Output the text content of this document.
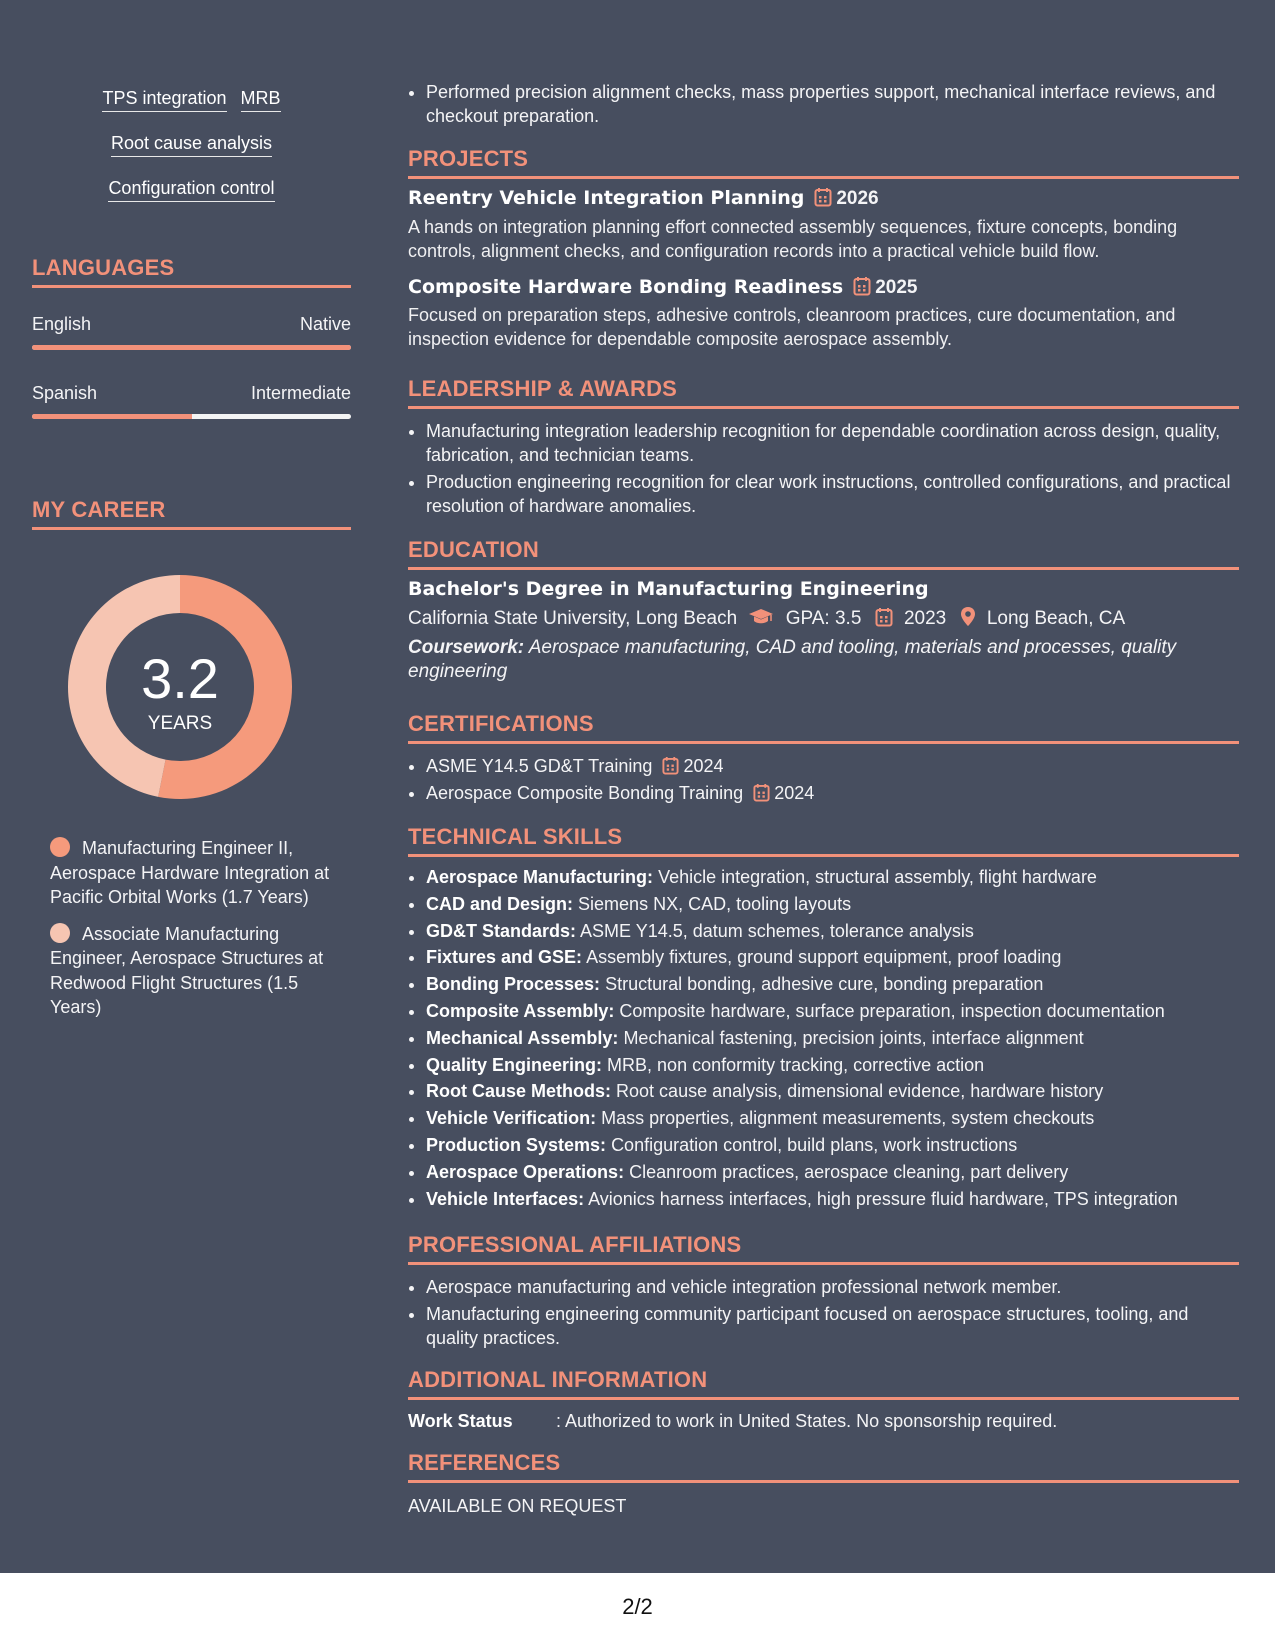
TPS integration MRB
Root cause analysis
Configuration control
LANGUAGES
English	Native
Spanish	Intermediate
MY CAREER
3.2
YEARS
Manufacturing Engineer II, Aerospace Hardware Integration at Pacific Orbital Works (1.7 Years)
Associate Manufacturing Engineer, Aerospace Structures at Redwood Flight Structures (1.5 Years)
• Performed precision alignment checks, mass properties support, mechanical interface reviews, and checkout preparation.
PROJECTS
Reentry Vehicle Integration Planning 2026
A hands on integration planning effort connected assembly sequences, fixture concepts, bonding controls, alignment checks, and configuration records into a practical vehicle build flow.
Composite Hardware Bonding Readiness 2025
Focused on preparation steps, adhesive controls, cleanroom practices, cure documentation, and inspection evidence for dependable composite aerospace assembly.
LEADERSHIP & AWARDS
• Manufacturing integration leadership recognition for dependable coordination across design, quality, fabrication, and technician teams.
• Production engineering recognition for clear work instructions, controlled configurations, and practical resolution of hardware anomalies.
EDUCATION
Bachelor's Degree in Manufacturing Engineering
California State University, Long Beach	GPA: 3.5 2023 Long Beach, CA
Coursework: Aerospace manufacturing, CAD and tooling, materials and processes, quality engineering
CERTIFICATIONS
• ASME Y14.5 GD&T Training 2024
• Aerospace Composite Bonding Training 2024
TECHNICAL SKILLS
• Aerospace Manufacturing: Vehicle integration, structural assembly, flight hardware
• CAD and Design: Siemens NX, CAD, tooling layouts
• GD&T Standards: ASME Y14.5, datum schemes, tolerance analysis
• Fixtures and GSE: Assembly fixtures, ground support equipment, proof loading
• Bonding Processes: Structural bonding, adhesive cure, bonding preparation
• Composite Assembly: Composite hardware, surface preparation, inspection documentation
• Mechanical Assembly: Mechanical fastening, precision joints, interface alignment
• Quality Engineering: MRB, non conformity tracking, corrective action
• Root Cause Methods: Root cause analysis, dimensional evidence, hardware history
• Vehicle Verification: Mass properties, alignment measurements, system checkouts
• Production Systems: Configuration control, build plans, work instructions
• Aerospace Operations: Cleanroom practices, aerospace cleaning, part delivery
• Vehicle Interfaces: Avionics harness interfaces, high pressure fluid hardware, TPS integration
PROFESSIONAL AFFILIATIONS
• Aerospace manufacturing and vehicle integration professional network member.
• Manufacturing engineering community participant focused on aerospace structures, tooling, and quality practices.
ADDITIONAL INFORMATION
Work Status	: Authorized to work in United States. No sponsorship required.
REFERENCES
AVAILABLE ON REQUEST
2/2
